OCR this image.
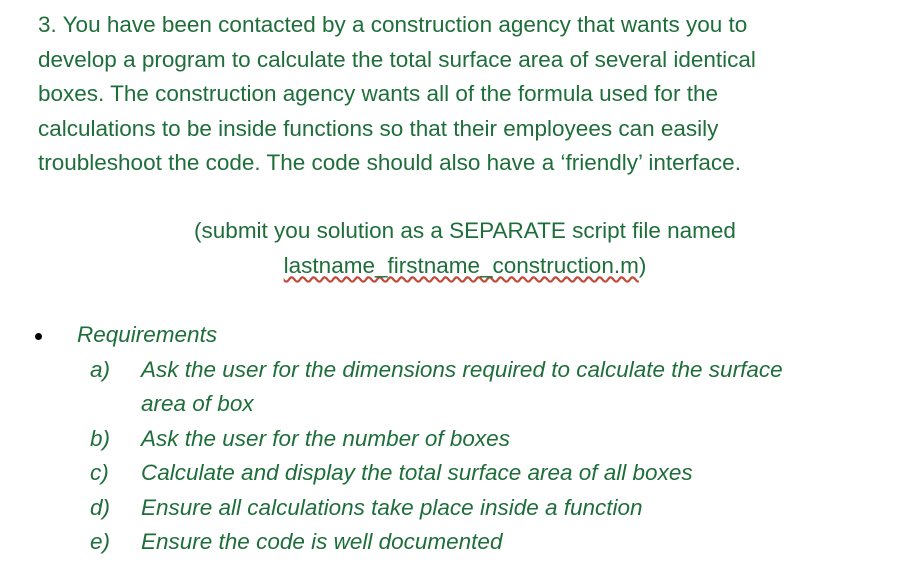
3. You have been contacted by a construction agency that wants you to
develop a program to calculate the total surface area of several identical
boxes. The construction agency wants all of the formula used for the
calculations to be inside functions so that their employees can easily
troubleshoot the code. The code should also have a ‘friendly’ interface.
(submit you solution as a SEPARATE script file named
lastname_firstname_construction.m)
Requirements
a) Ask the user for the dimensions required to calculate the surface
area of box
b) Ask the user for the number of boxes
c) Calculate and display the total surface area of all boxes
d) Ensure all calculations take place inside a function
e) Ensure the code is well documented
